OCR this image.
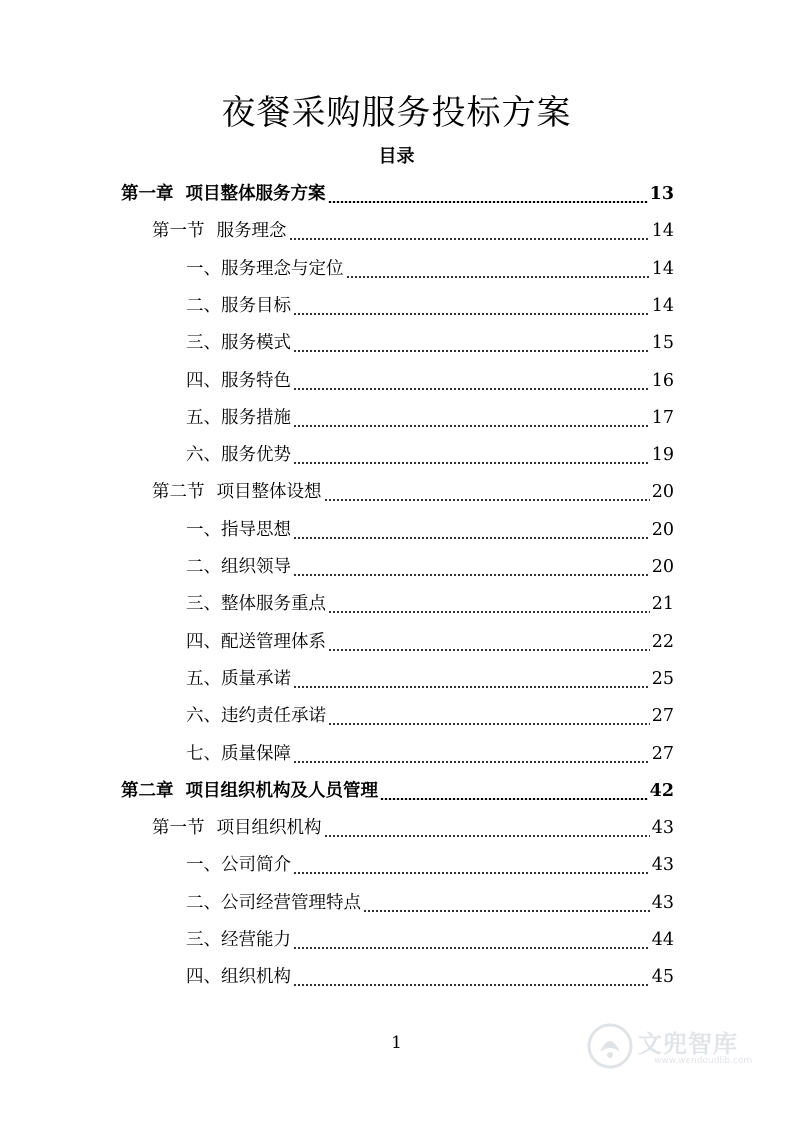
夜餐采购服务投标方案
目录
第一章 项目整体服务方案	13
第一节 服务理念	14
一、 服务理念与定位	14
二、 服务目标	14
三、 服务模式	15
四、 服务特色	16
五、 服务措施	17
六、 服务优势	19
第二节 项目整体设想	20
一、 指导思想	20
二、 组织领导	20
三、 整体服务重点	21
四、 配送管理体系	22
五、 质量承诺	25
六、 违约责任承诺	27
七、 质量保障	27
第二章 项目组织机构及人员管理	42
第一节 项目组织机构	43
一、 公司简介	43
二、 公司经营管理特点	43
三、 经营能力	44
四、 组织机构	45
1	文兜智库
www.wendoudlib.com
